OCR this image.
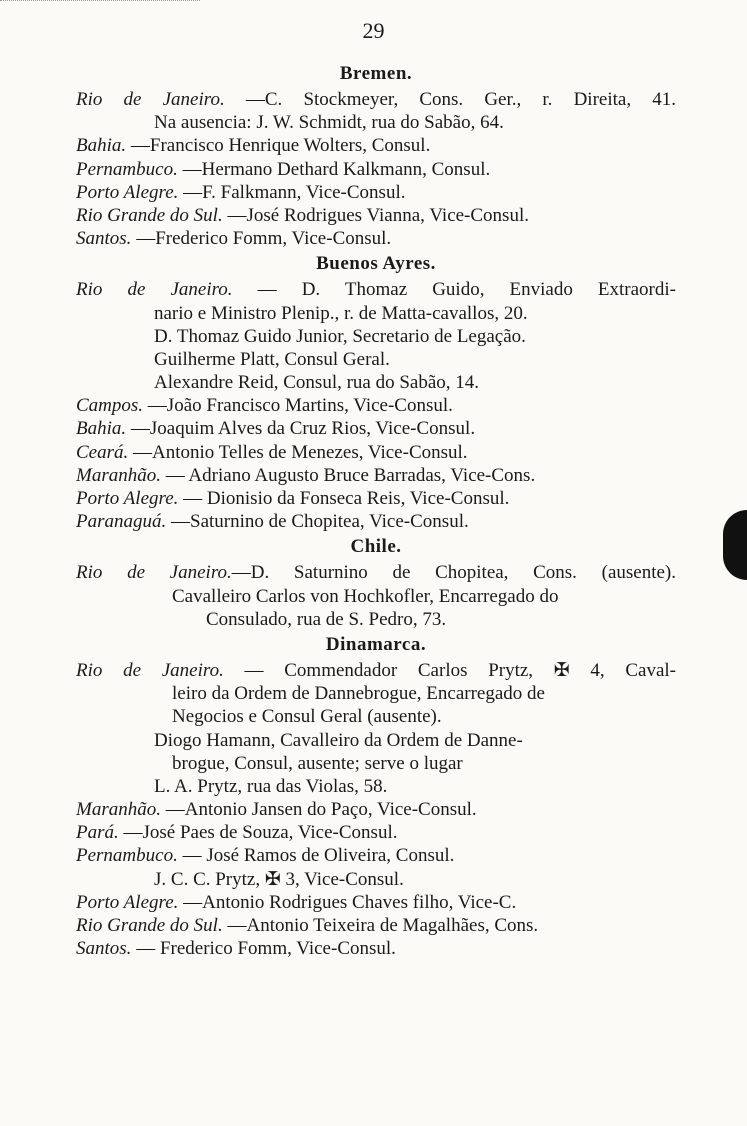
29
Bremen.
Rio de Janeiro. —C. Stockmeyer, Cons. Ger., r. Direita, 41.
Na ausencia: J. W. Schmidt, rua do Sabão, 64.
Bahia. —Francisco Henrique Wolters, Consul.
Pernambuco. —Hermano Dethard Kalkmann, Consul.
Porto Alegre. —F. Falkmann, Vice-Consul.
Rio Grande do Sul. —José Rodrigues Vianna, Vice-Consul.
Santos. —Frederico Fomm, Vice-Consul.
Buenos Ayres.
Rio de Janeiro. — D. Thomaz Guido, Enviado Extraordi-
nario e Ministro Plenip., r. de Matta-cavallos, 20.
D. Thomaz Guido Junior, Secretario de Legação.
Guilherme Platt, Consul Geral.
Alexandre Reid, Consul, rua do Sabão, 14.
Campos. —João Francisco Martins, Vice-Consul.
Bahia. —Joaquim Alves da Cruz Rios, Vice-Consul.
Ceará. —Antonio Telles de Menezes, Vice-Consul.
Maranhão. — Adriano Augusto Bruce Barradas, Vice-Cons.
Porto Alegre. — Dionisio da Fonseca Reis, Vice-Consul.
Paranaguá. —Saturnino de Chopitea, Vice-Consul.
Chile.
Rio de Janeiro.—D. Saturnino de Chopitea, Cons. (ausente).
Cavalleiro Carlos von Hochkofler, Encarregado do
Consulado, rua de S. Pedro, 73.
Dinamarca.
Rio de Janeiro. — Commendador Carlos Prytz, ✠ 4, Caval-
leiro da Ordem de Dannebrogue, Encarregado de
Negocios e Consul Geral (ausente).
Diogo Hamann, Cavalleiro da Ordem de Danne-
brogue, Consul, ausente; serve o lugar
L. A. Prytz, rua das Violas, 58.
Maranhão. —Antonio Jansen do Paço, Vice-Consul.
Pará. —José Paes de Souza, Vice-Consul.
Pernambuco. — José Ramos de Oliveira, Consul.
J. C. C. Prytz, ✠ 3, Vice-Consul.
Porto Alegre. —Antonio Rodrigues Chaves filho, Vice-C.
Rio Grande do Sul. —Antonio Teixeira de Magalhães, Cons.
Santos. — Frederico Fomm, Vice-Consul.
